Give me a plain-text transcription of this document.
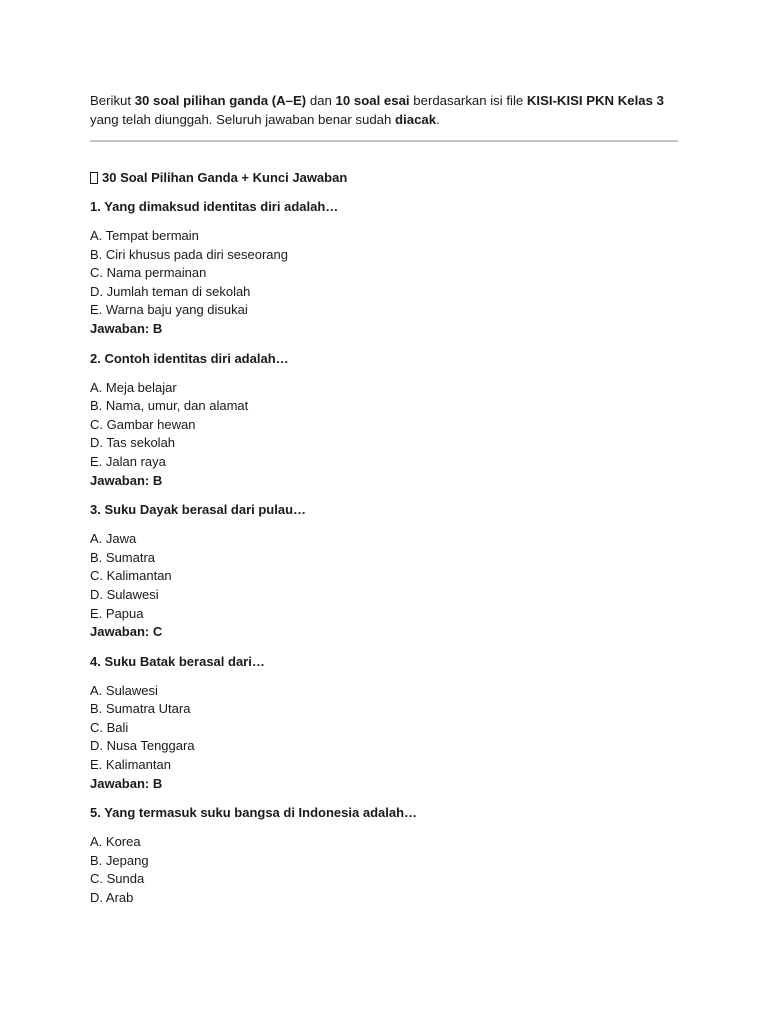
Berikut 30 soal pilihan ganda (A–E) dan 10 soal esai berdasarkan isi file KISI-KISI PKN Kelas 3 yang telah diunggah. Seluruh jawaban benar sudah diacak.

30 Soal Pilihan Ganda + Kunci Jawaban

1. Yang dimaksud identitas diri adalah…

A. Tempat bermain
B. Ciri khusus pada diri seseorang
C. Nama permainan
D. Jumlah teman di sekolah
E. Warna baju yang disukai
Jawaban: B

2. Contoh identitas diri adalah…

A. Meja belajar
B. Nama, umur, dan alamat
C. Gambar hewan
D. Tas sekolah
E. Jalan raya
Jawaban: B

3. Suku Dayak berasal dari pulau…

A. Jawa
B. Sumatra
C. Kalimantan
D. Sulawesi
E. Papua
Jawaban: C

4. Suku Batak berasal dari…

A. Sulawesi
B. Sumatra Utara
C. Bali
D. Nusa Tenggara
E. Kalimantan
Jawaban: B

5. Yang termasuk suku bangsa di Indonesia adalah…

A. Korea
B. Jepang
C. Sunda
D. Arab
